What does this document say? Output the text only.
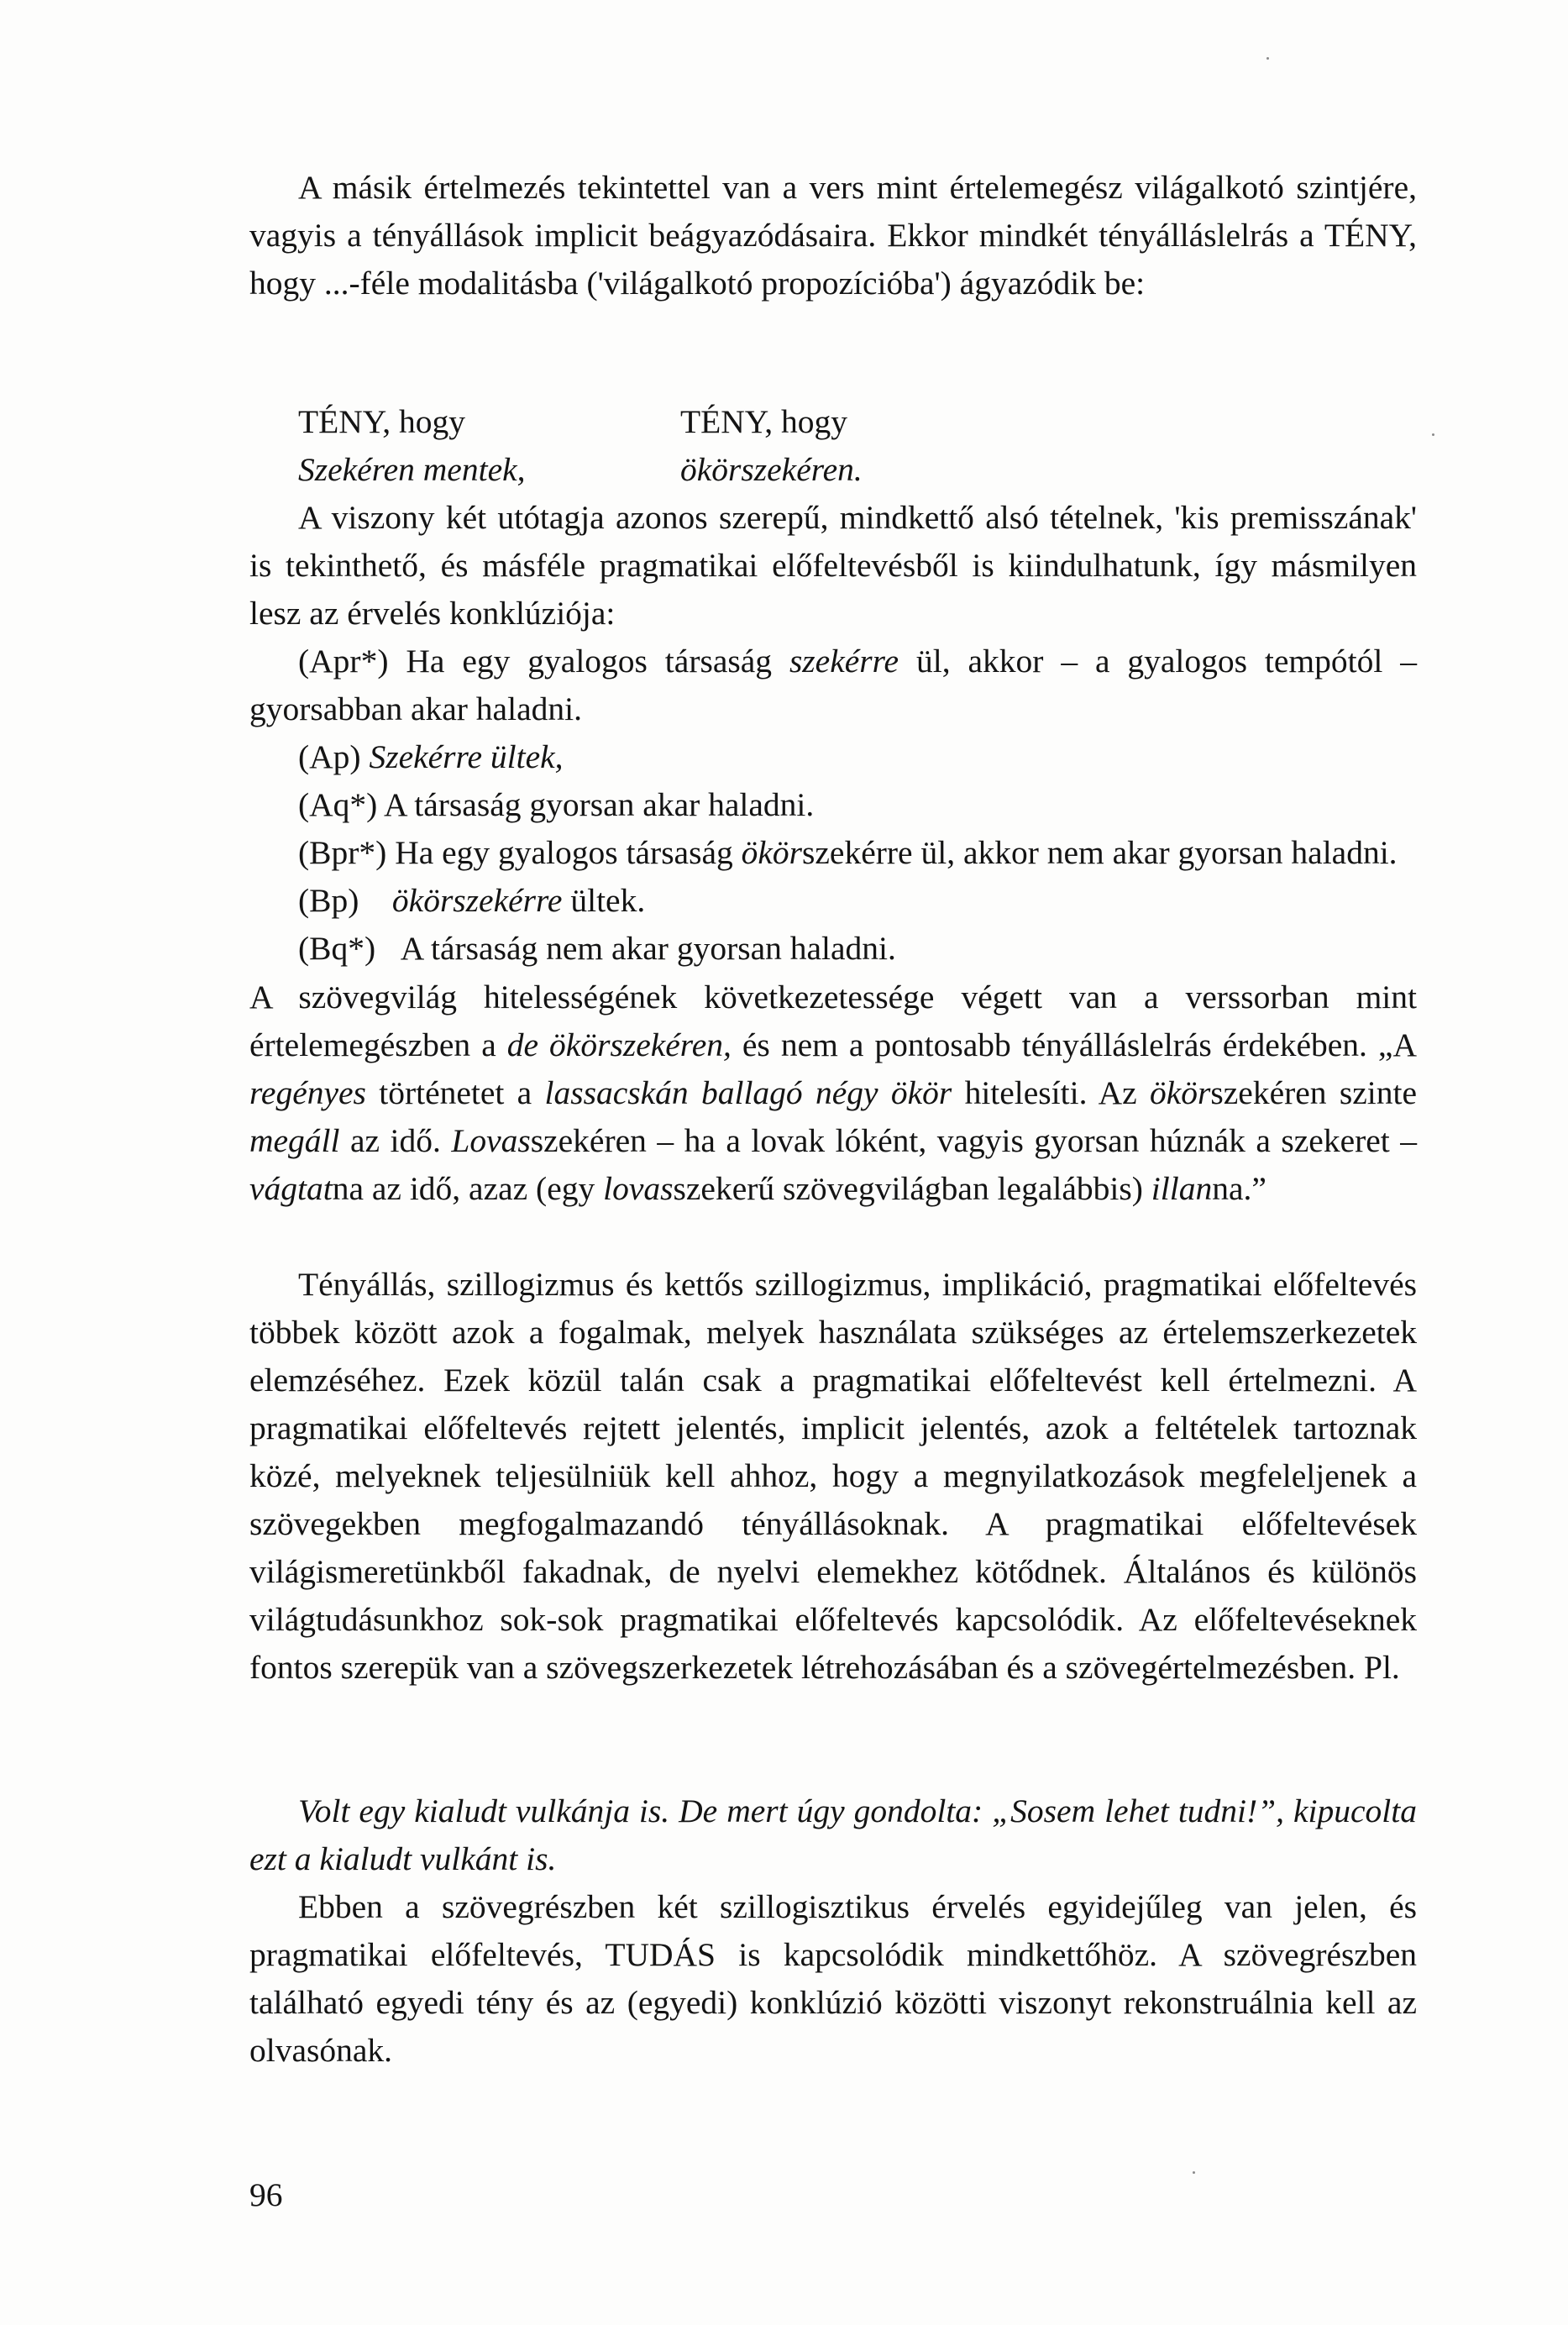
A másik értelmezés tekintettel van a vers mint értelemegész világalkotó szintjére, vagyis a tényállások implicit beágyazódásaira. Ekkor mindkét tényálláslelrás a TÉNY, hogy ...-féle modalitásba ('világalkotó propozícióba') ágyazódik be:

TÉNY, hogy	TÉNY, hogy
Szekéren mentek,	ökörszekéren.

A viszony két utótagja azonos szerepű, mindkettő alsó tételnek, 'kis premisszának' is tekinthető, és másféle pragmatikai előfeltevésből is kiindulhatunk, így másmilyen lesz az érvelés konklúziója:

(Apr*) Ha egy gyalogos társaság szekérre ül, akkor – a gyalogos tempótól – gyorsabban akar haladni.

(Ap) Szekérre ültek,

(Aq*) A társaság gyorsan akar haladni.

(Bpr*) Ha egy gyalogos társaság ökörszekérre ül, akkor nem akar gyorsan haladni.

(Bp) ökörszekérre ültek.

(Bq*) A társaság nem akar gyorsan haladni.

A szövegvilág hitelességének következetessége végett van a verssorban mint értelemegészben a de ökörszekéren, és nem a pontosabb tényálláslelrás érdekében. „A regényes történetet a lassacskán ballagó négy ökör hitelesíti. Az ökörszekéren szinte megáll az idő. Lovasszekéren – ha a lovak lóként, vagyis gyorsan húznák a szekeret – vágtatna az idő, azaz (egy lovasszekerű szövegvilágban legalábbis) illanna.”

Tényállás, szillogizmus és kettős szillogizmus, implikáció, pragmatikai előfeltevés többek között azok a fogalmak, melyek használata szükséges az értelemszerkezetek elemzéséhez. Ezek közül talán csak a pragmatikai előfeltevést kell értelmezni. A pragmatikai előfeltevés rejtett jelentés, implicit jelentés, azok a feltételek tartoznak közé, melyeknek teljesülniük kell ahhoz, hogy a megnyilatkozások megfeleljenek a szövegekben megfogalmazandó tényállásoknak. A pragmatikai előfeltevések világismeretünkből fakadnak, de nyelvi elemekhez kötődnek. Általános és különös világtudásunkhoz sok-sok pragmatikai előfeltevés kapcsolódik. Az előfeltevéseknek fontos szerepük van a szövegszerkezetek létrehozásában és a szövegértelmezésben. Pl.

Volt egy kialudt vulkánja is. De mert úgy gondolta: „Sosem lehet tudni!”, kipucolta ezt a kialudt vulkánt is.

Ebben a szövegrészben két szillogisztikus érvelés egyidejűleg van jelen, és pragmatikai előfeltevés, TUDÁS is kapcsolódik mindkettőhöz. A szövegrészben található egyedi tény és az (egyedi) konklúzió közötti viszonyt rekonstruálnia kell az olvasónak.

96
